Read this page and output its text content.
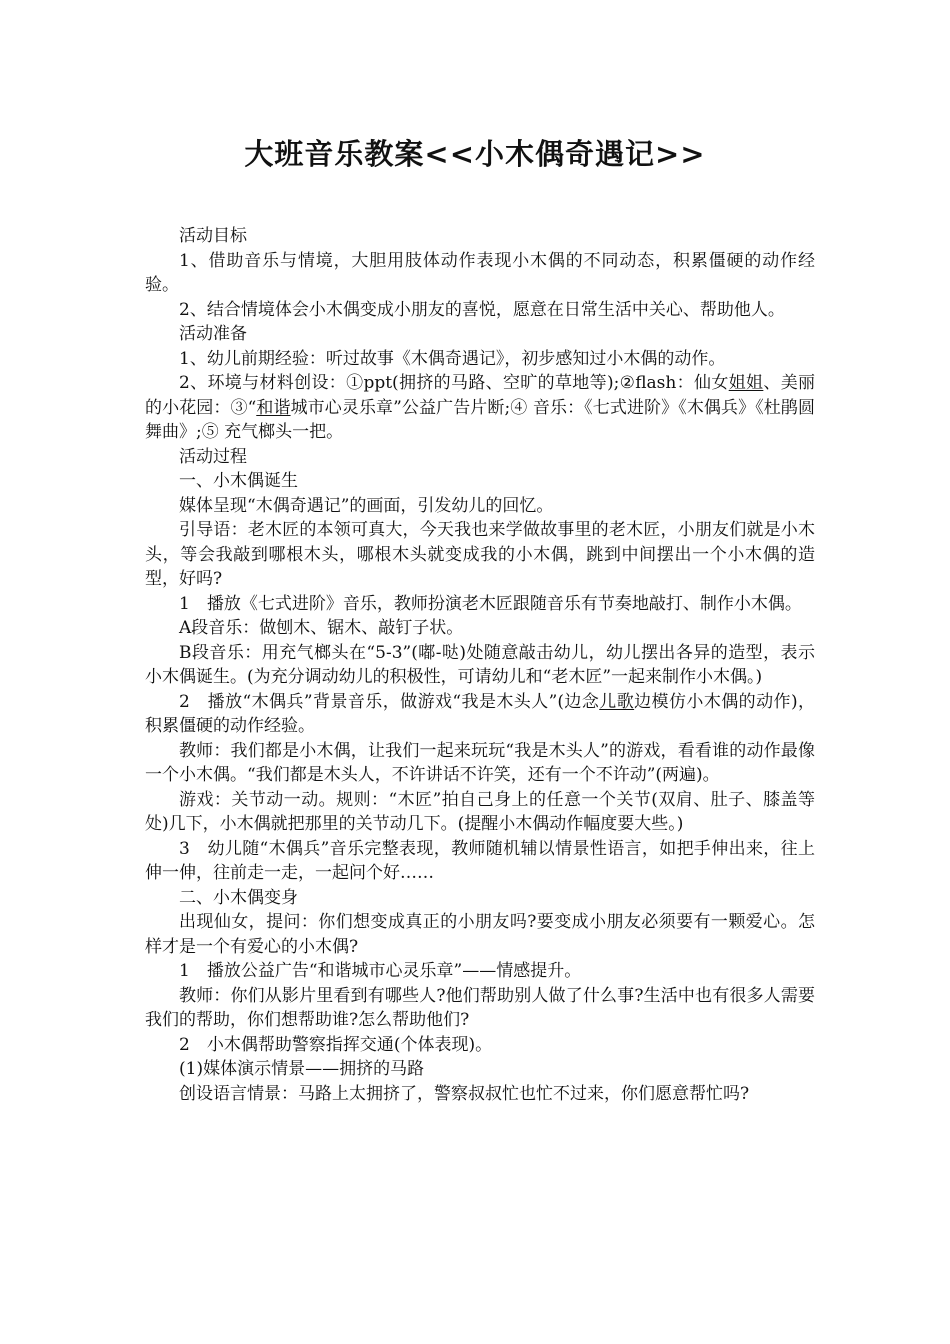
大班音乐教案<<小木偶奇遇记>>

活动目标

1、借助音乐与情境，大胆用肢体动作表现小木偶的不同动态，积累僵硬的动作经验。

2、结合情境体会小木偶变成小朋友的喜悦，愿意在日常生活中关心、帮助他人。

活动准备

1、幼儿前期经验：听过故事《木偶奇遇记》，初步感知过小木偶的动作。

2、环境与材料创设：①ppt(拥挤的马路、空旷的草地等);②flash：仙女姐姐、美丽的小花园：③“和谐城市心灵乐章”公益广告片断;④ 音乐：《七式进阶》《木偶兵》《杜鹃圆舞曲》;⑤ 充气榔头一把。

活动过程

一、小木偶诞生

媒体呈现“木偶奇遇记”的画面，引发幼儿的回忆。

引导语：老木匠的本领可真大，今天我也来学做故事里的老木匠，小朋友们就是小木头，等会我敲到哪根木头，哪根木头就变成我的小木偶，跳到中间摆出一个小木偶的造型，好吗?

1　播放《七式进阶》音乐，教师扮演老木匠跟随音乐有节奏地敲打、制作小木偶。

A段音乐：做刨木、锯木、敲钉子状。

B段音乐：用充气榔头在“5-3”(嘟-哒)处随意敲击幼儿，幼儿摆出各异的造型，表示小木偶诞生。(为充分调动幼儿的积极性，可请幼儿和“老木匠”一起来制作小木偶。)

2　播放“木偶兵”背景音乐，做游戏“我是木头人”(边念儿歌边模仿小木偶的动作)，积累僵硬的动作经验。

教师：我们都是小木偶，让我们一起来玩玩“我是木头人”的游戏，看看谁的动作最像一个小木偶。“我们都是木头人，不许讲话不许笑，还有一个不许动”(两遍)。

游戏：关节动一动。规则：“木匠”拍自己身上的任意一个关节(双肩、肚子、膝盖等处)几下，小木偶就把那里的关节动几下。(提醒小木偶动作幅度要大些。)

3　幼儿随“木偶兵”音乐完整表现，教师随机辅以情景性语言，如把手伸出来，往上伸一伸，往前走一走，一起问个好……

二、小木偶变身

出现仙女，提问：你们想变成真正的小朋友吗?要变成小朋友必须要有一颗爱心。怎样才是一个有爱心的小木偶?

1　播放公益广告“和谐城市心灵乐章”——情感提升。

教师：你们从影片里看到有哪些人?他们帮助别人做了什么事?生活中也有很多人需要我们的帮助，你们想帮助谁?怎么帮助他们?

2　小木偶帮助警察指挥交通(个体表现)。

(1)媒体演示情景——拥挤的马路

创设语言情景：马路上太拥挤了，警察叔叔忙也忙不过来，你们愿意帮忙吗?
